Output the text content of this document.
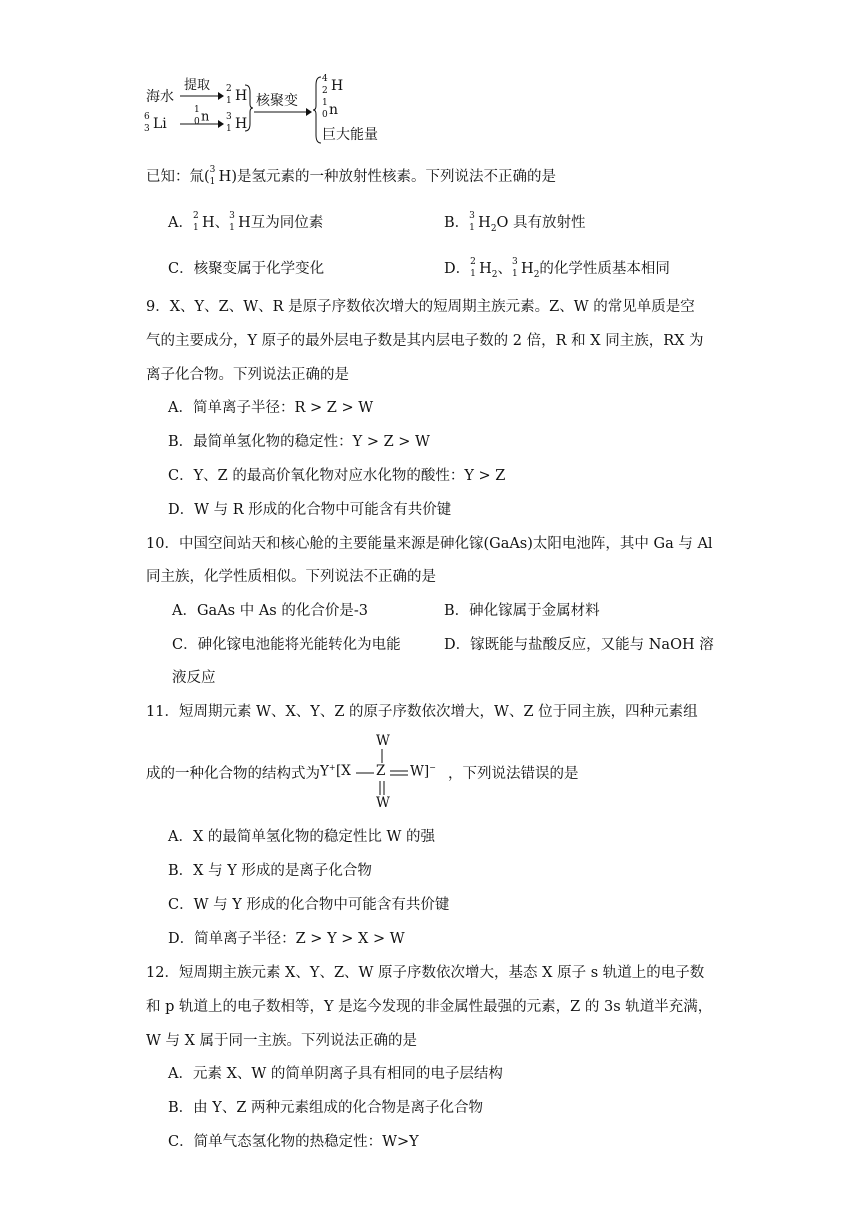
海水
提取 2
1 H
6
3 Li
1
0 n 3
1 H
核聚变
4
2 H
1
0 n
巨大能量
已知：氚( 3
1 H)是氢元素的一种放射性核素。下列说法不正确的是
A． 2
1 H、 3
1 H互为同位素	B． 3
1 $H_2O$ 具有放射性
C．核聚变属于化学变化	D． 2
1 $H_2$、 3
1 $H_2$的化学性质基本相同
9．X、Y、Z、W、R 是原子序数依次增大的短周期主族元素。Z、W 的常见单质是空
气的主要成分，Y 原子的最外层电子数是其内层电子数的 2 倍，R 和 X 同主族，RX 为
离子化合物。下列说法正确的是
A．简单离子半径：R > Z > W
B．最简单氢化物的稳定性：Y > Z > W
C．Y、Z 的最高价氧化物对应水化物的酸性：Y > Z
D．W 与 R 形成的化合物中可能含有共价键
10．中国空间站天和核心舱的主要能量来源是砷化镓(GaAs)太阳电池阵，其中 Ga 与 Al
同主族，化学性质相似。下列说法不正确的是
A．GaAs 中 As 的化合价是-3	B．砷化镓属于金属材料
C．砷化镓电池能将光能转化为电能	D．镓既能与盐酸反应，又能与 NaOH 溶
液反应
11．短周期元素 W、X、Y、Z 的原子序数依次增大，W、Z 位于同主族，四种元素组
成的一种化合物的结构式为
W
Y+ [X Z W]−
W
，下列说法错误的是
A．X 的最简单氢化物的稳定性比 W 的强
B．X 与 Y 形成的是离子化合物
C．W 与 Y 形成的化合物中可能含有共价键
D．简单离子半径：Z > Y > X > W
12．短周期主族元素 X、Y、Z、W 原子序数依次增大，基态 X 原子 s 轨道上的电子数
和 p 轨道上的电子数相等，Y 是迄今发现的非金属性最强的元素，Z 的 3s 轨道半充满，
W 与 X 属于同一主族。下列说法正确的是
A．元素 X、W 的简单阴离子具有相同的电子层结构
B．由 Y、Z 两种元素组成的化合物是离子化合物
C．简单气态氢化物的热稳定性：W>Y
